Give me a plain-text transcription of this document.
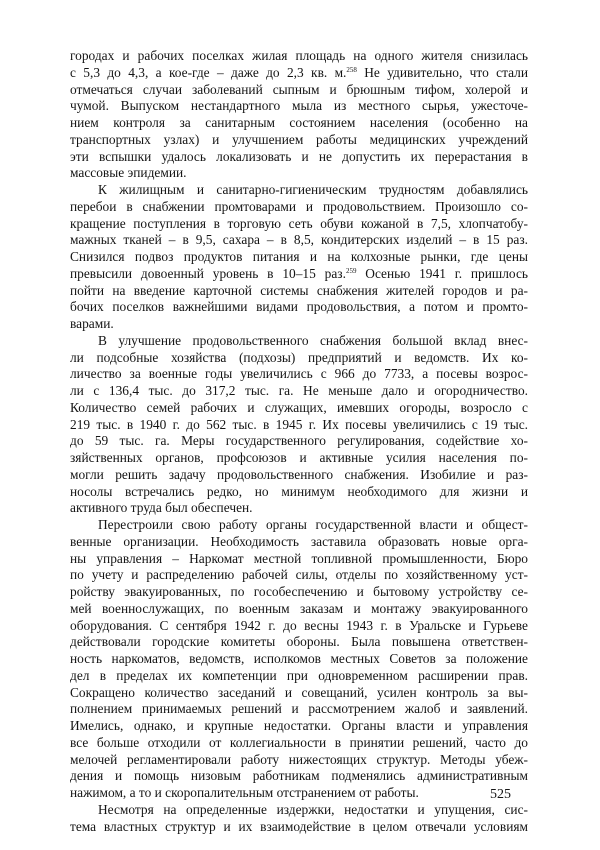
городах и рабочих поселках жилая площадь на одного жителя снизилась
с 5,3 до 4,3, а кое-где – даже до 2,3 кв. м.$^{258}$ Не удивительно, что стали
отмечаться случаи заболеваний сыпным и брюшным тифом, холерой и
чумой. Выпуском нестандартного мыла из местного сырья, ужесточе-
нием контроля за санитарным состоянием населения (особенно на
транспортных узлах) и улучшением работы медицинских учреждений
эти вспышки удалось локализовать и не допустить их перерастания в
массовые эпидемии.
К жилищным и санитарно-гигиеническим трудностям добавлялись
перебои в снабжении промтоварами и продовольствием. Произошло со-
кращение поступления в торговую сеть обуви кожаной в 7,5, хлопчатобу-
мажных тканей – в 9,5, сахара – в 8,5, кондитерских изделий – в 15 раз.
Снизился подвоз продуктов питания и на колхозные рынки, где цены
превысили довоенный уровень в 10–15 раз.$^{259}$ Осенью 1941 г. пришлось
пойти на введение карточной системы снабжения жителей городов и ра-
бочих поселков важнейшими видами продовольствия, а потом и промто-
варами.
В улучшение продовольственного снабжения большой вклад внес-
ли подсобные хозяйства (подхозы) предприятий и ведомств. Их ко-
личество за военные годы увеличились с 966 до 7733, а посевы возрос-
ли с 136,4 тыс. до 317,2 тыс. га. Не меньше дало и огородничество.
Количество семей рабочих и служащих, имевших огороды, возросло с
219 тыс. в 1940 г. до 562 тыс. в 1945 г. Их посевы увеличились с 19 тыс.
до 59 тыс. га. Меры государственного регулирования, содействие хо-
зяйственных органов, профсоюзов и активные усилия населения по-
могли решить задачу продовольственного снабжения. Изобилие и раз-
носолы встречались редко, но минимум необходимого для жизни и
активного труда был обеспечен.
Перестроили свою работу органы государственной власти и общест-
венные организации. Необходимость заставила образовать новые орга-
ны управления – Наркомат местной топливной промышленности, Бюро
по учету и распределению рабочей силы, отделы по хозяйственному уст-
ройству эвакуированных, по гособеспечению и бытовому устройству се-
мей военнослужащих, по военным заказам и монтажу эвакуированного
оборудования. С сентября 1942 г. до весны 1943 г. в Уральске и Гурьеве
действовали городские комитеты обороны. Была повышена ответствен-
ность наркоматов, ведомств, исполкомов местных Советов за положение
дел в пределах их компетенции при одновременном расширении прав.
Сокращено количество заседаний и совещаний, усилен контроль за вы-
полнением принимаемых решений и рассмотрением жалоб и заявлений.
Имелись, однако, и крупные недостатки. Органы власти и управления
все больше отходили от коллегиальности в принятии решений, часто до
мелочей регламентировали работу нижестоящих структур. Методы убеж-
дения и помощь низовым работникам подменялись административным
нажимом, а то и скоропалительным отстранением от работы.
Несмотря на определенные издержки, недостатки и упущения, сис-
тема властных структур и их взаимодействие в целом отвечали условиям
525
